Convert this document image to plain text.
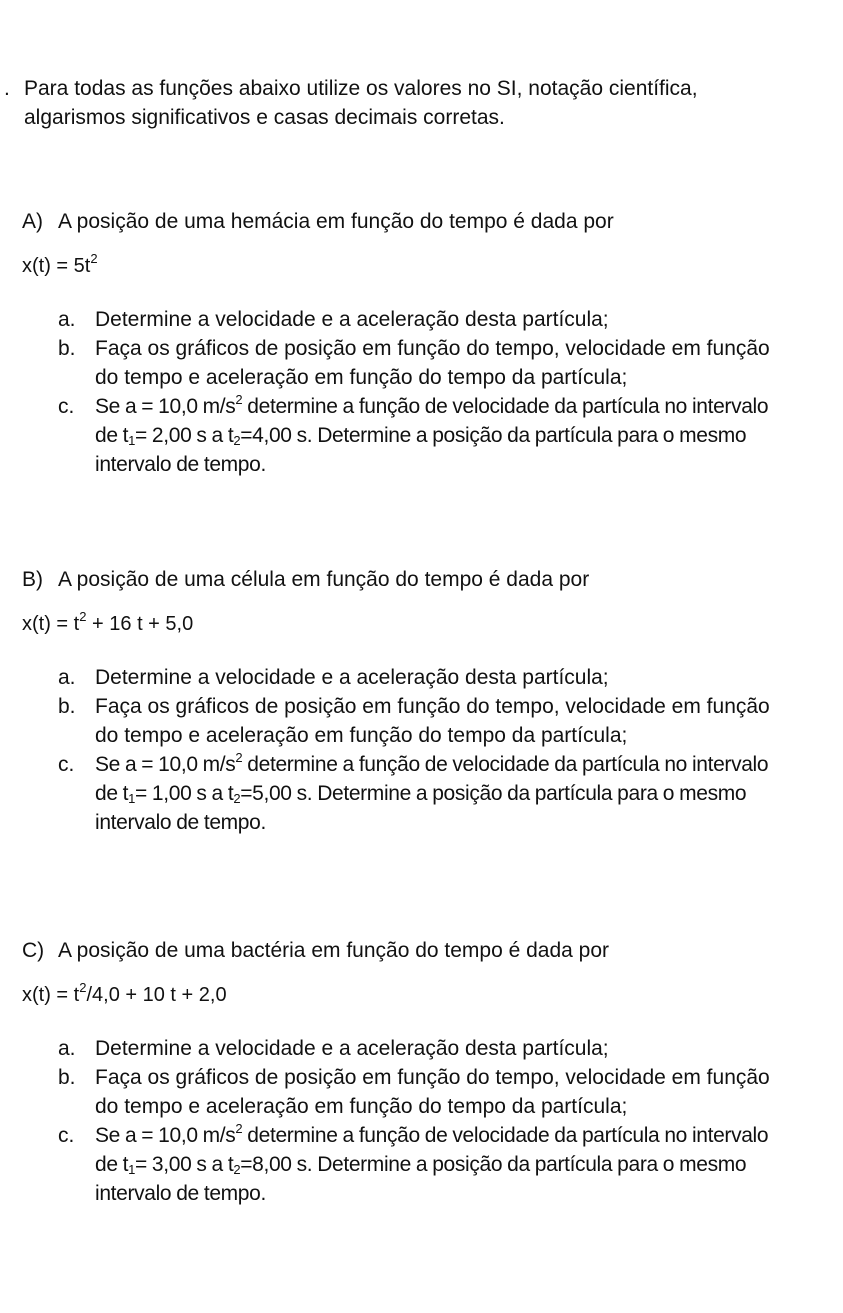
. Para todas as funções abaixo utilize os valores no SI, notação científica, algarismos significativos e casas decimais corretas.
A) A posição de uma hemácia em função do tempo é dada por
$x(t) = 5t^2$
a. Determine a velocidade e a aceleração desta partícula;
b. Faça os gráficos de posição em função do tempo, velocidade em função do tempo e aceleração em função do tempo da partícula;
c. Se a = 10,0 $m/s^2$ determine a função de velocidade da partícula no intervalo de $t_1= 2,00$ s a $t_2=4,00$ s. Determine a posição da partícula para o mesmo intervalo de tempo.
B) A posição de uma célula em função do tempo é dada por
$x(t) = t^2 + 16$ t + 5,0
a. Determine a velocidade e a aceleração desta partícula;
b. Faça os gráficos de posição em função do tempo, velocidade em função do tempo e aceleração em função do tempo da partícula;
c. Se a = 10,0 $m/s^2$ determine a função de velocidade da partícula no intervalo de $t_1= 1,00$ s a $t_2=5,00$ s. Determine a posição da partícula para o mesmo intervalo de tempo.
C) A posição de uma bactéria em função do tempo é dada por
$x(t) = t^2/4,0 + 10$ t + 2,0
a. Determine a velocidade e a aceleração desta partícula;
b. Faça os gráficos de posição em função do tempo, velocidade em função do tempo e aceleração em função do tempo da partícula;
c. Se a = 10,0 $m/s^2$ determine a função de velocidade da partícula no intervalo de $t_1= 3,00$ s a $t_2=8,00$ s. Determine a posição da partícula para o mesmo intervalo de tempo.
